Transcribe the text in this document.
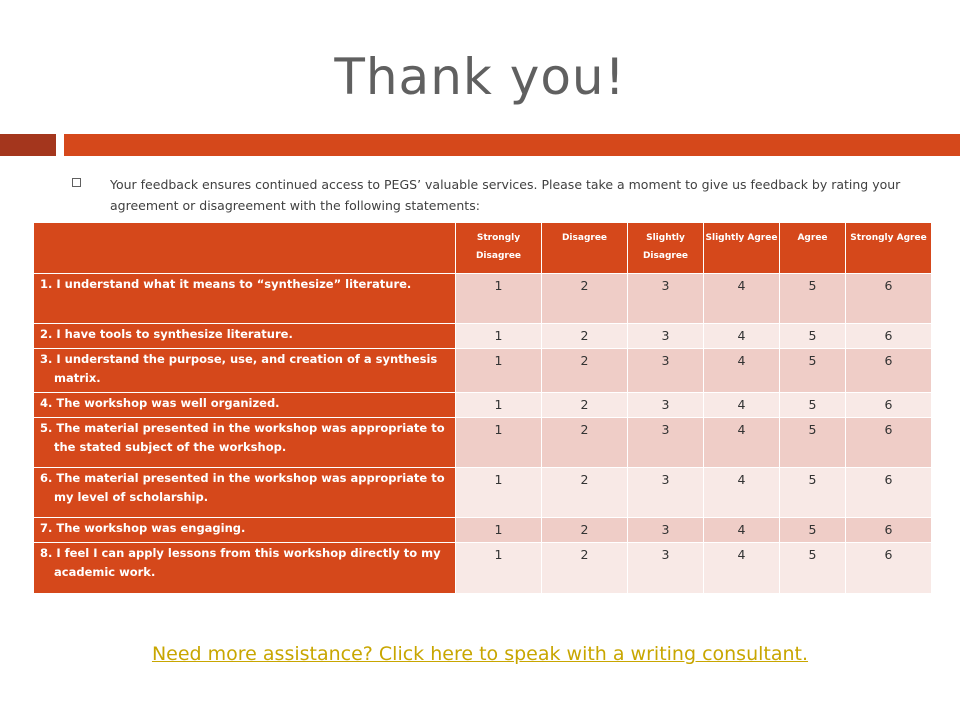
Thank you!
Your feedback ensures continued access to PEGS’ valuable services. Please take a moment to give us feedback by rating your agreement or disagreement with the following statements:

	Strongly Disagree	Disagree	Slightly Disagree	Slightly Agree	Agree	Strongly Agree

1. I understand what it means to “synthesize” literature.	1	2	3	4	5	6

2. I have tools to synthesize literature.	1	2	3	4	5	6

3. I understand the purpose, use, and creation of a synthesis matrix.	1	2	3	4	5	6

4. The workshop was well organized.	1	2	3	4	5	6

5. The material presented in the workshop was appropriate to the stated subject of the workshop.	1	2	3	4	5	6

6. The material presented in the workshop was appropriate to my level of scholarship.	1	2	3	4	5	6

7. The workshop was engaging.	1	2	3	4	5	6

8. I feel I can apply lessons from this workshop directly to my academic work.	1	2	3	4	5	6
Need more assistance? Click here to speak with a writing consultant.
